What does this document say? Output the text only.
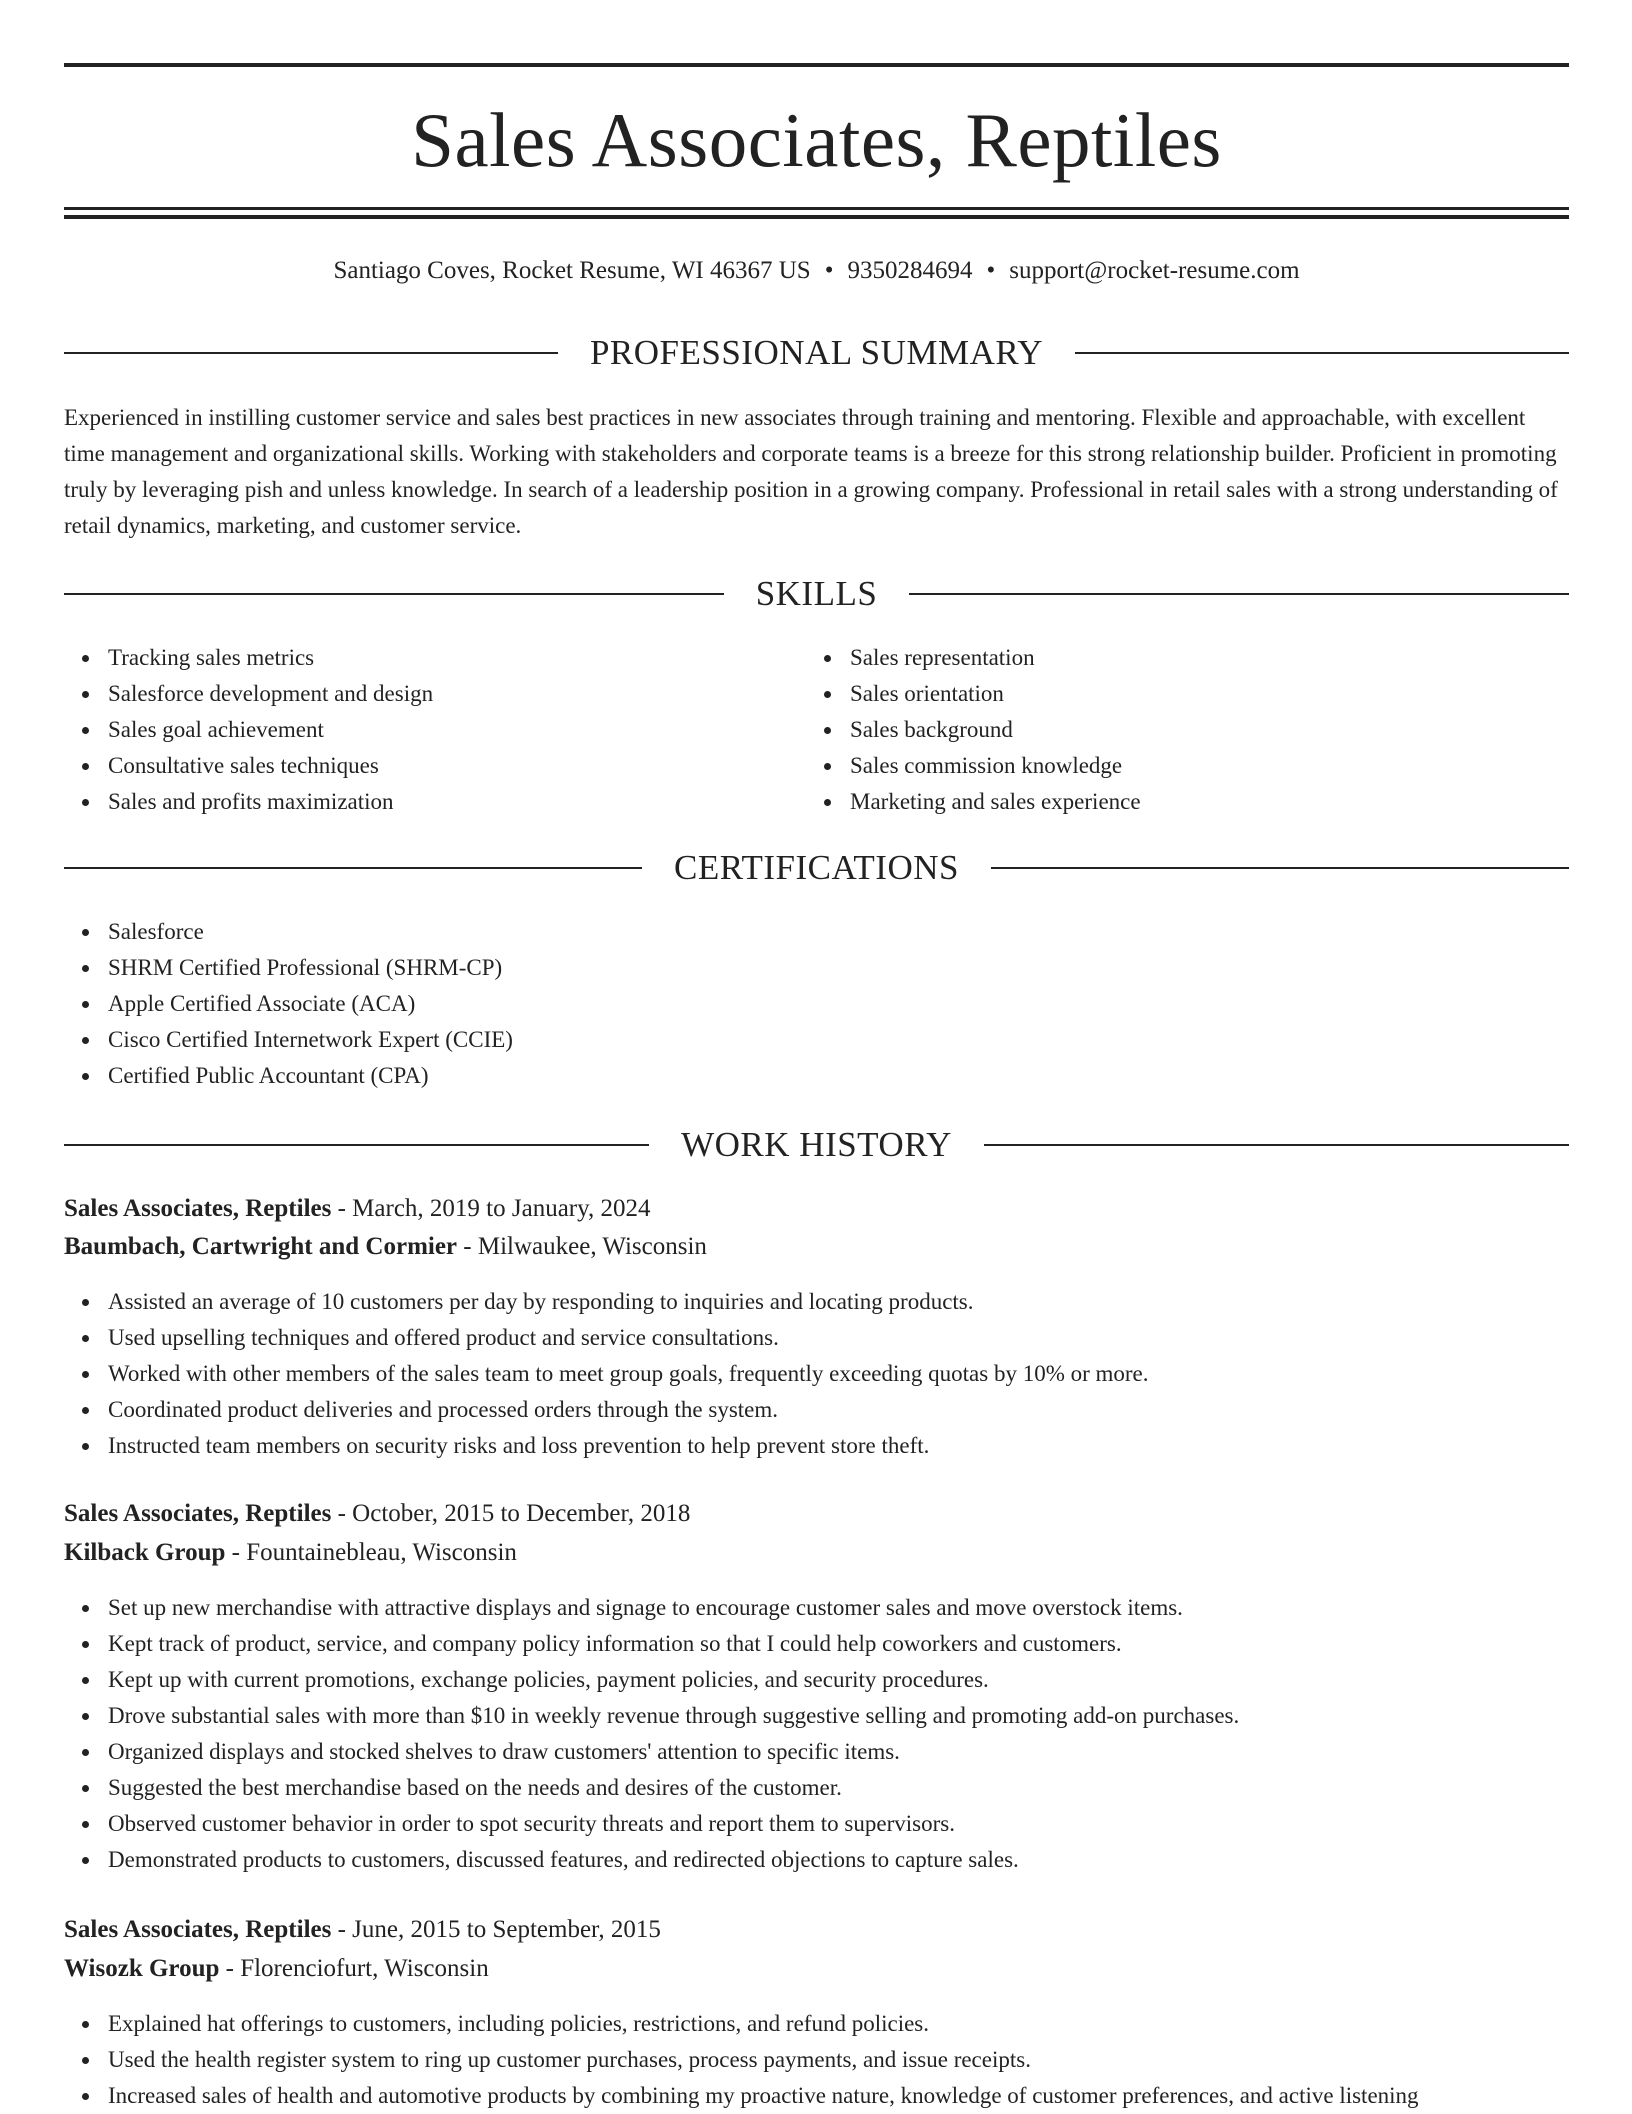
Sales Associates, Reptiles
Santiago Coves, Rocket Resume, WI 46367 US • 9350284694 • support@rocket-resume.com
PROFESSIONAL SUMMARY

Experienced in instilling customer service and sales best practices in new associates through training and mentoring. Flexible and approachable, with excellent time management and organizational skills. Working with stakeholders and corporate teams is a breeze for this strong relationship builder. Proficient in promoting truly by leveraging pish and unless knowledge. In search of a leadership position in a growing company. Professional in retail sales with a strong understanding of retail dynamics, marketing, and customer service.

SKILLS
Tracking sales metrics
Salesforce development and design
Sales goal achievement
Consultative sales techniques
Sales and profits maximization
Sales representation
Sales orientation
Sales background
Sales commission knowledge
Marketing and sales experience
CERTIFICATIONS
Salesforce
SHRM Certified Professional (SHRM-CP)
Apple Certified Associate (ACA)
Cisco Certified Internetwork Expert (CCIE)
Certified Public Accountant (CPA)
WORK HISTORY
Sales Associates, Reptiles - March, 2019 to January, 2024
Baumbach, Cartwright and Cormier - Milwaukee, Wisconsin
Assisted an average of 10 customers per day by responding to inquiries and locating products.
Used upselling techniques and offered product and service consultations.
Worked with other members of the sales team to meet group goals, frequently exceeding quotas by 10% or more.
Coordinated product deliveries and processed orders through the system.
Instructed team members on security risks and loss prevention to help prevent store theft.
Sales Associates, Reptiles - October, 2015 to December, 2018
Kilback Group - Fountainebleau, Wisconsin
Set up new merchandise with attractive displays and signage to encourage customer sales and move overstock items.
Kept track of product, service, and company policy information so that I could help coworkers and customers.
Kept up with current promotions, exchange policies, payment policies, and security procedures.
Drove substantial sales with more than $10 in weekly revenue through suggestive selling and promoting add-on purchases.
Organized displays and stocked shelves to draw customers' attention to specific items.
Suggested the best merchandise based on the needs and desires of the customer.
Observed customer behavior in order to spot security threats and report them to supervisors.
Demonstrated products to customers, discussed features, and redirected objections to capture sales.
Sales Associates, Reptiles - June, 2015 to September, 2015
Wisozk Group - Florenciofurt, Wisconsin
Explained hat offerings to customers, including policies, restrictions, and refund policies.
Used the health register system to ring up customer purchases, process payments, and issue receipts.
Increased sales of health and automotive products by combining my proactive nature, knowledge of customer preferences, and active listening
